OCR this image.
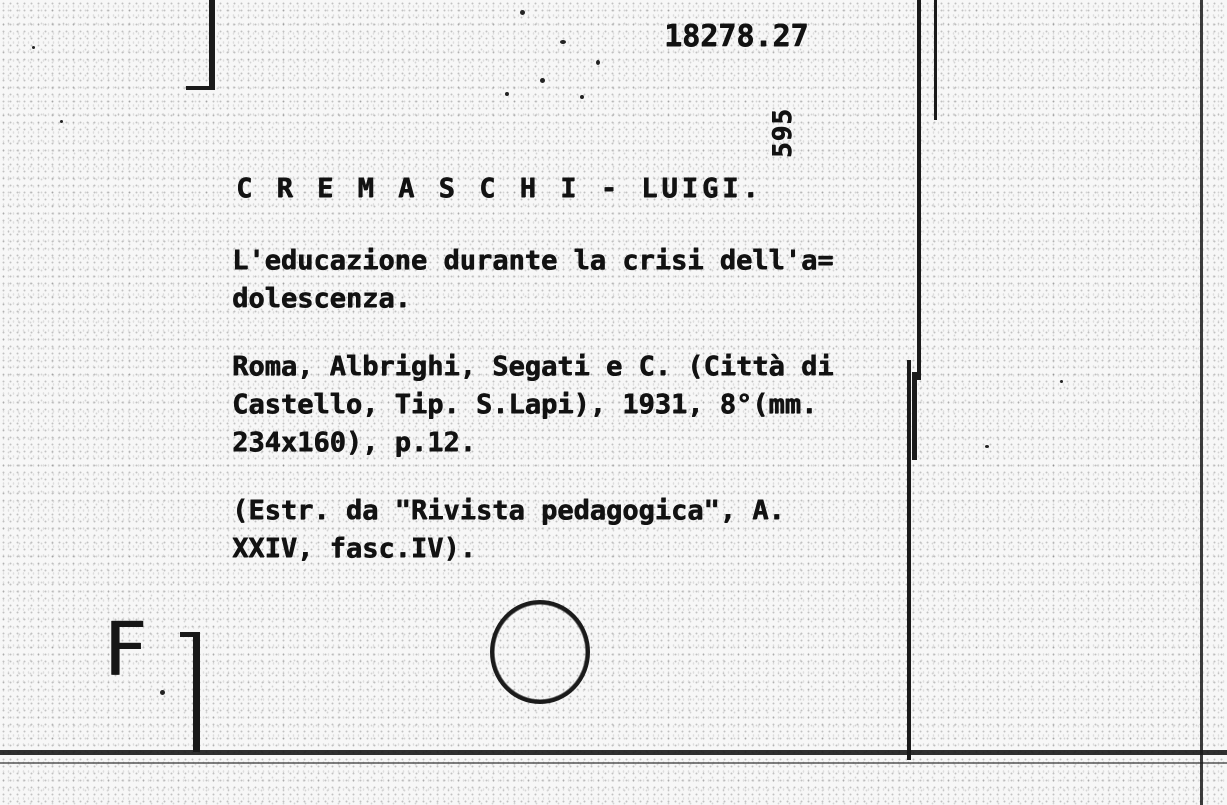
18278.27

595

C R E M A S C H I - LUIGI.

L'educazione durante la crisi dell'a=
dolescenza.
Roma, Albrighi, Segati e C. (Città di
Castello, Tip. S.Lapi), 1931, 8°(mm.
234x160), p.12.
(Estr. da "Rivista pedagogica", A.
XXIV, fasc.IV).

F
